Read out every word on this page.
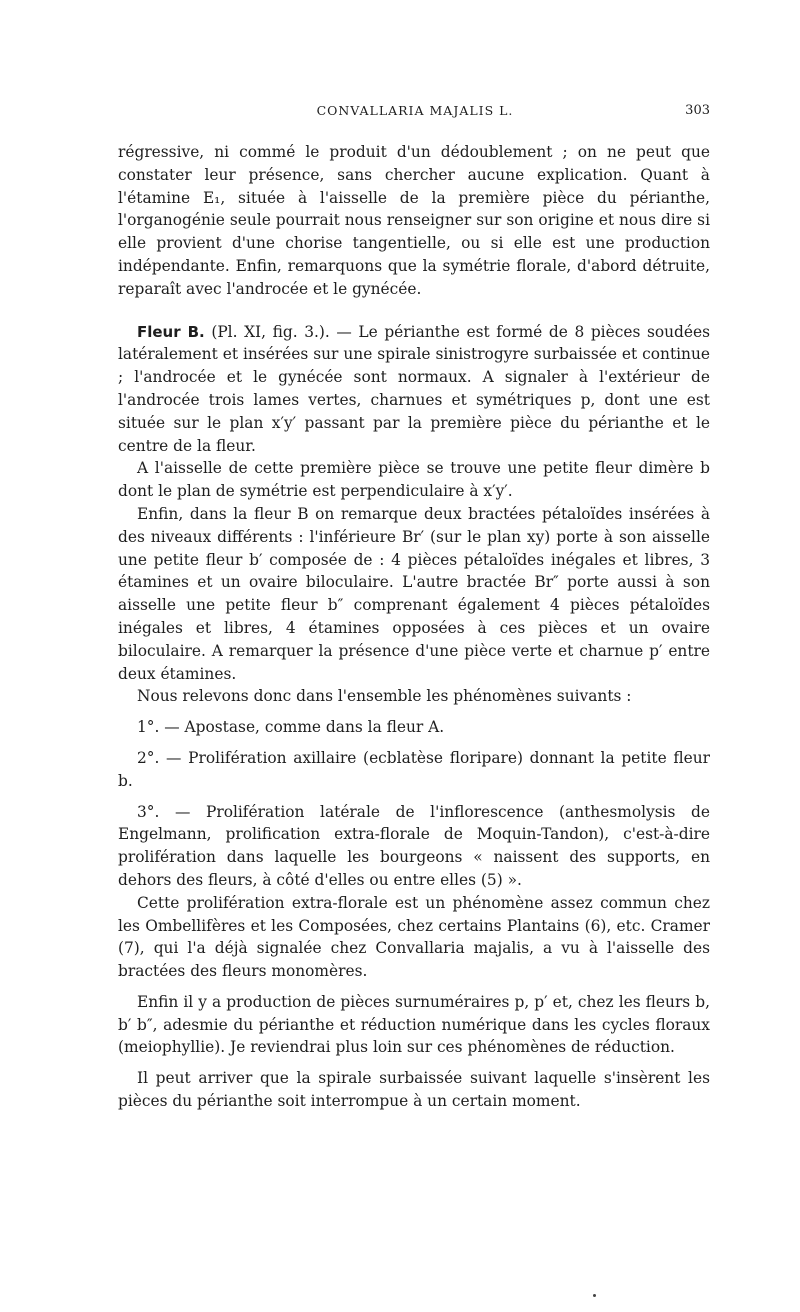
CONVALLARIA MAJALIS L.	303

régressive, ni commé le produit d'un dédoublement ; on ne peut que constater leur présence, sans chercher aucune explication. Quant à l'étamine E₁, située à l'aisselle de la première pièce du périanthe, l'organogénie seule pourrait nous renseigner sur son origine et nous dire si elle provient d'une chorise tangentielle, ou si elle est une production indépendante. Enfin, remarquons que la symétrie florale, d'abord détruite, reparaît avec l'androcée et le gynécée.

Fleur B. (Pl. XI, fig. 3.). — Le périanthe est formé de 8 pièces soudées latéralement et insérées sur une spirale sinistrogyre surbaissée et continue ; l'androcée et le gynécée sont normaux. A signaler à l'extérieur de l'androcée trois lames vertes, charnues et symétriques p, dont une est située sur le plan x′y′ passant par la première pièce du périanthe et le centre de la fleur.

A l'aisselle de cette première pièce se trouve une petite fleur dimère b dont le plan de symétrie est perpendiculaire à x′y′.

Enfin, dans la fleur B on remarque deux bractées pétaloïdes insérées à des niveaux différents : l'inférieure Br′ (sur le plan xy) porte à son aisselle une petite fleur b′ composée de : 4 pièces pétaloïdes inégales et libres, 3 étamines et un ovaire biloculaire. L'autre bractée Br″ porte aussi à son aisselle une petite fleur b″ comprenant également 4 pièces pétaloïdes inégales et libres, 4 étamines opposées à ces pièces et un ovaire biloculaire. A remarquer la présence d'une pièce verte et charnue p′ entre deux étamines.

Nous relevons donc dans l'ensemble les phénomènes suivants :

1°. — Apostase, comme dans la fleur A.

2°. — Prolifération axillaire (ecblatèse floripare) donnant la petite fleur b.

3°. — Prolifération latérale de l'inflorescence (anthesmolysis de Engelmann, prolification extra-florale de Moquin-Tandon), c'est-à-dire prolifération dans laquelle les bourgeons « naissent des supports, en dehors des fleurs, à côté d'elles ou entre elles (5) ».

Cette prolifération extra-florale est un phénomène assez commun chez les Ombellifères et les Composées, chez certains Plantains (6), etc. Cramer (7), qui l'a déjà signalée chez Convallaria majalis, a vu à l'aisselle des bractées des fleurs monomères.

Enfin il y a production de pièces surnuméraires p, p′ et, chez les fleurs b, b′ b″, adesmie du périanthe et réduction numérique dans les cycles floraux (meiophyllie). Je reviendrai plus loin sur ces phénomènes de réduction.

Il peut arriver que la spirale surbaissée suivant laquelle s'insèrent les pièces du périanthe soit interrompue à un certain moment.
